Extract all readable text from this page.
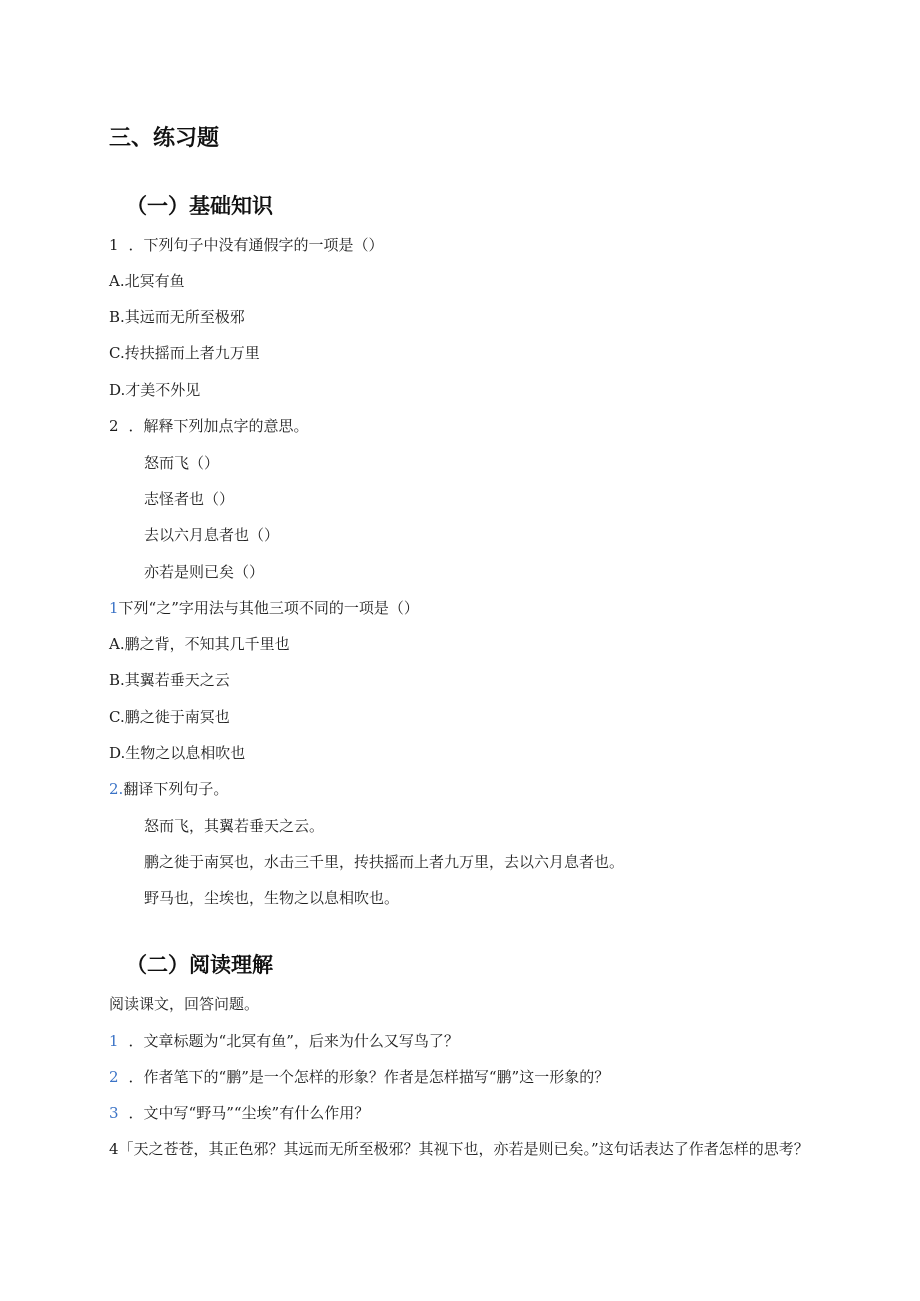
三、练习题
（一）基础知识
1 ．下列句子中没有通假字的一项是（）
A.北冥有鱼
B.其远而无所至极邪
C.抟扶摇而上者九万里
D.才美不外见
2 ．解释下列加点字的意思。
怒而飞（）
志怪者也（）
去以六月息者也（）
亦若是则已矣（）
1下列“之”字用法与其他三项不同的一项是（）
A.鹏之背，不知其几千里也
B.其翼若垂天之云
C.鹏之徙于南冥也
D.生物之以息相吹也
2.翻译下列句子。
怒而飞，其翼若垂天之云。
鹏之徙于南冥也，水击三千里，抟扶摇而上者九万里，去以六月息者也。
野马也，尘埃也，生物之以息相吹也。
（二）阅读理解
阅读课文，回答问题。
1 ．文章标题为“北冥有鱼”，后来为什么又写鸟了？
2 ．作者笔下的“鹏”是一个怎样的形象？作者是怎样描写“鹏”这一形象的？
3 ．文中写“野马”“尘埃”有什么作用？
4「天之苍苍，其正色邪？其远而无所至极邪？其视下也，亦若是则已矣。”这句话表达了作者怎样的思考？
